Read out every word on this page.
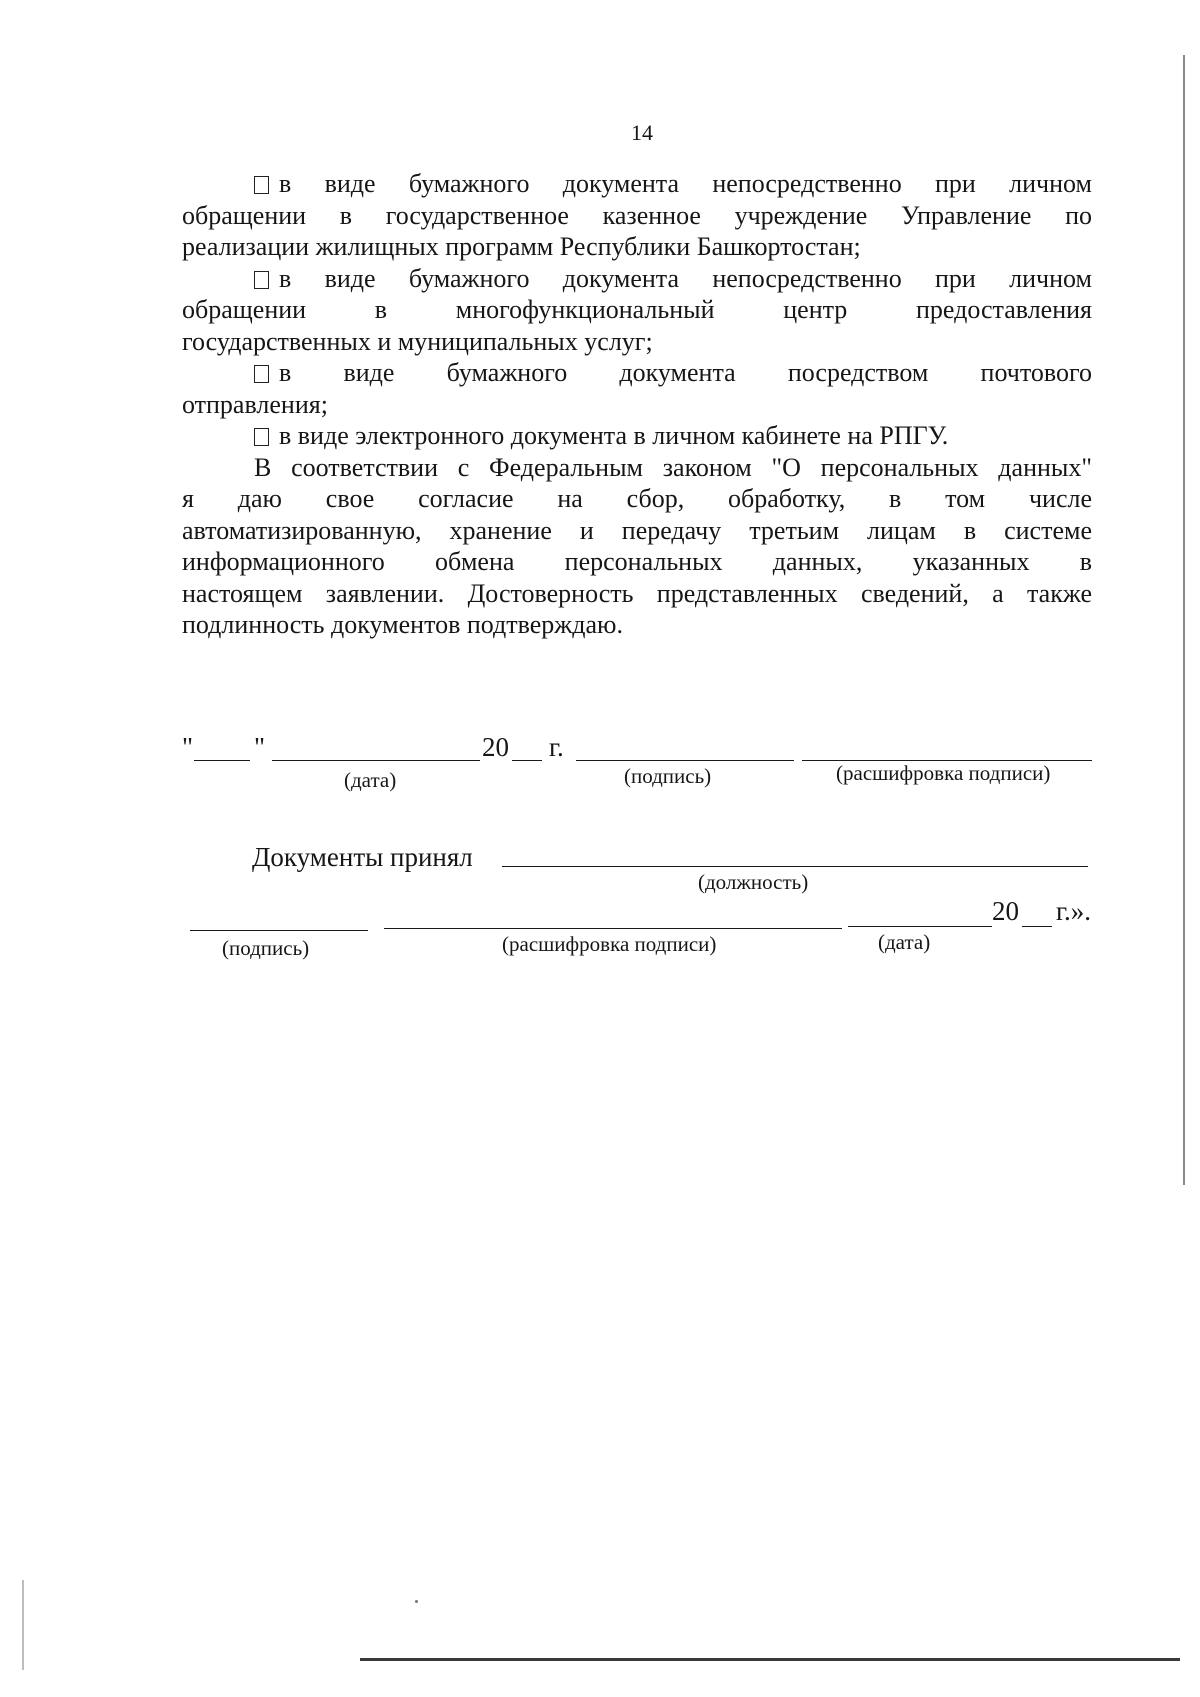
14
в виде бумажного документа непосредственно при личном
обращении в государственное казенное учреждение Управление по
реализации жилищных программ Республики Башкортостан;
в виде бумажного документа непосредственно при личном
обращении в многофункциональный центр предоставления
государственных и муниципальных услуг;
в виде бумажного документа посредством почтового
отправления;
в виде электронного документа в личном кабинете на РПГУ.
В соответствии с Федеральным законом "О персональных данных"
я даю свое согласие на сбор, обработку, в том числе
автоматизированную, хранение и передачу третьим лицам в системе
информационного обмена персональных данных, указанных в
настоящем заявлении. Достоверность представленных сведений, а также
подлинность документов подтверждаю.
" "	20 г.
(дата)	(подпись)	(расшифровка подписи)
Документы принял
(должность)
20 г.».
(подпись)	(расшифровка подписи)	(дата)
